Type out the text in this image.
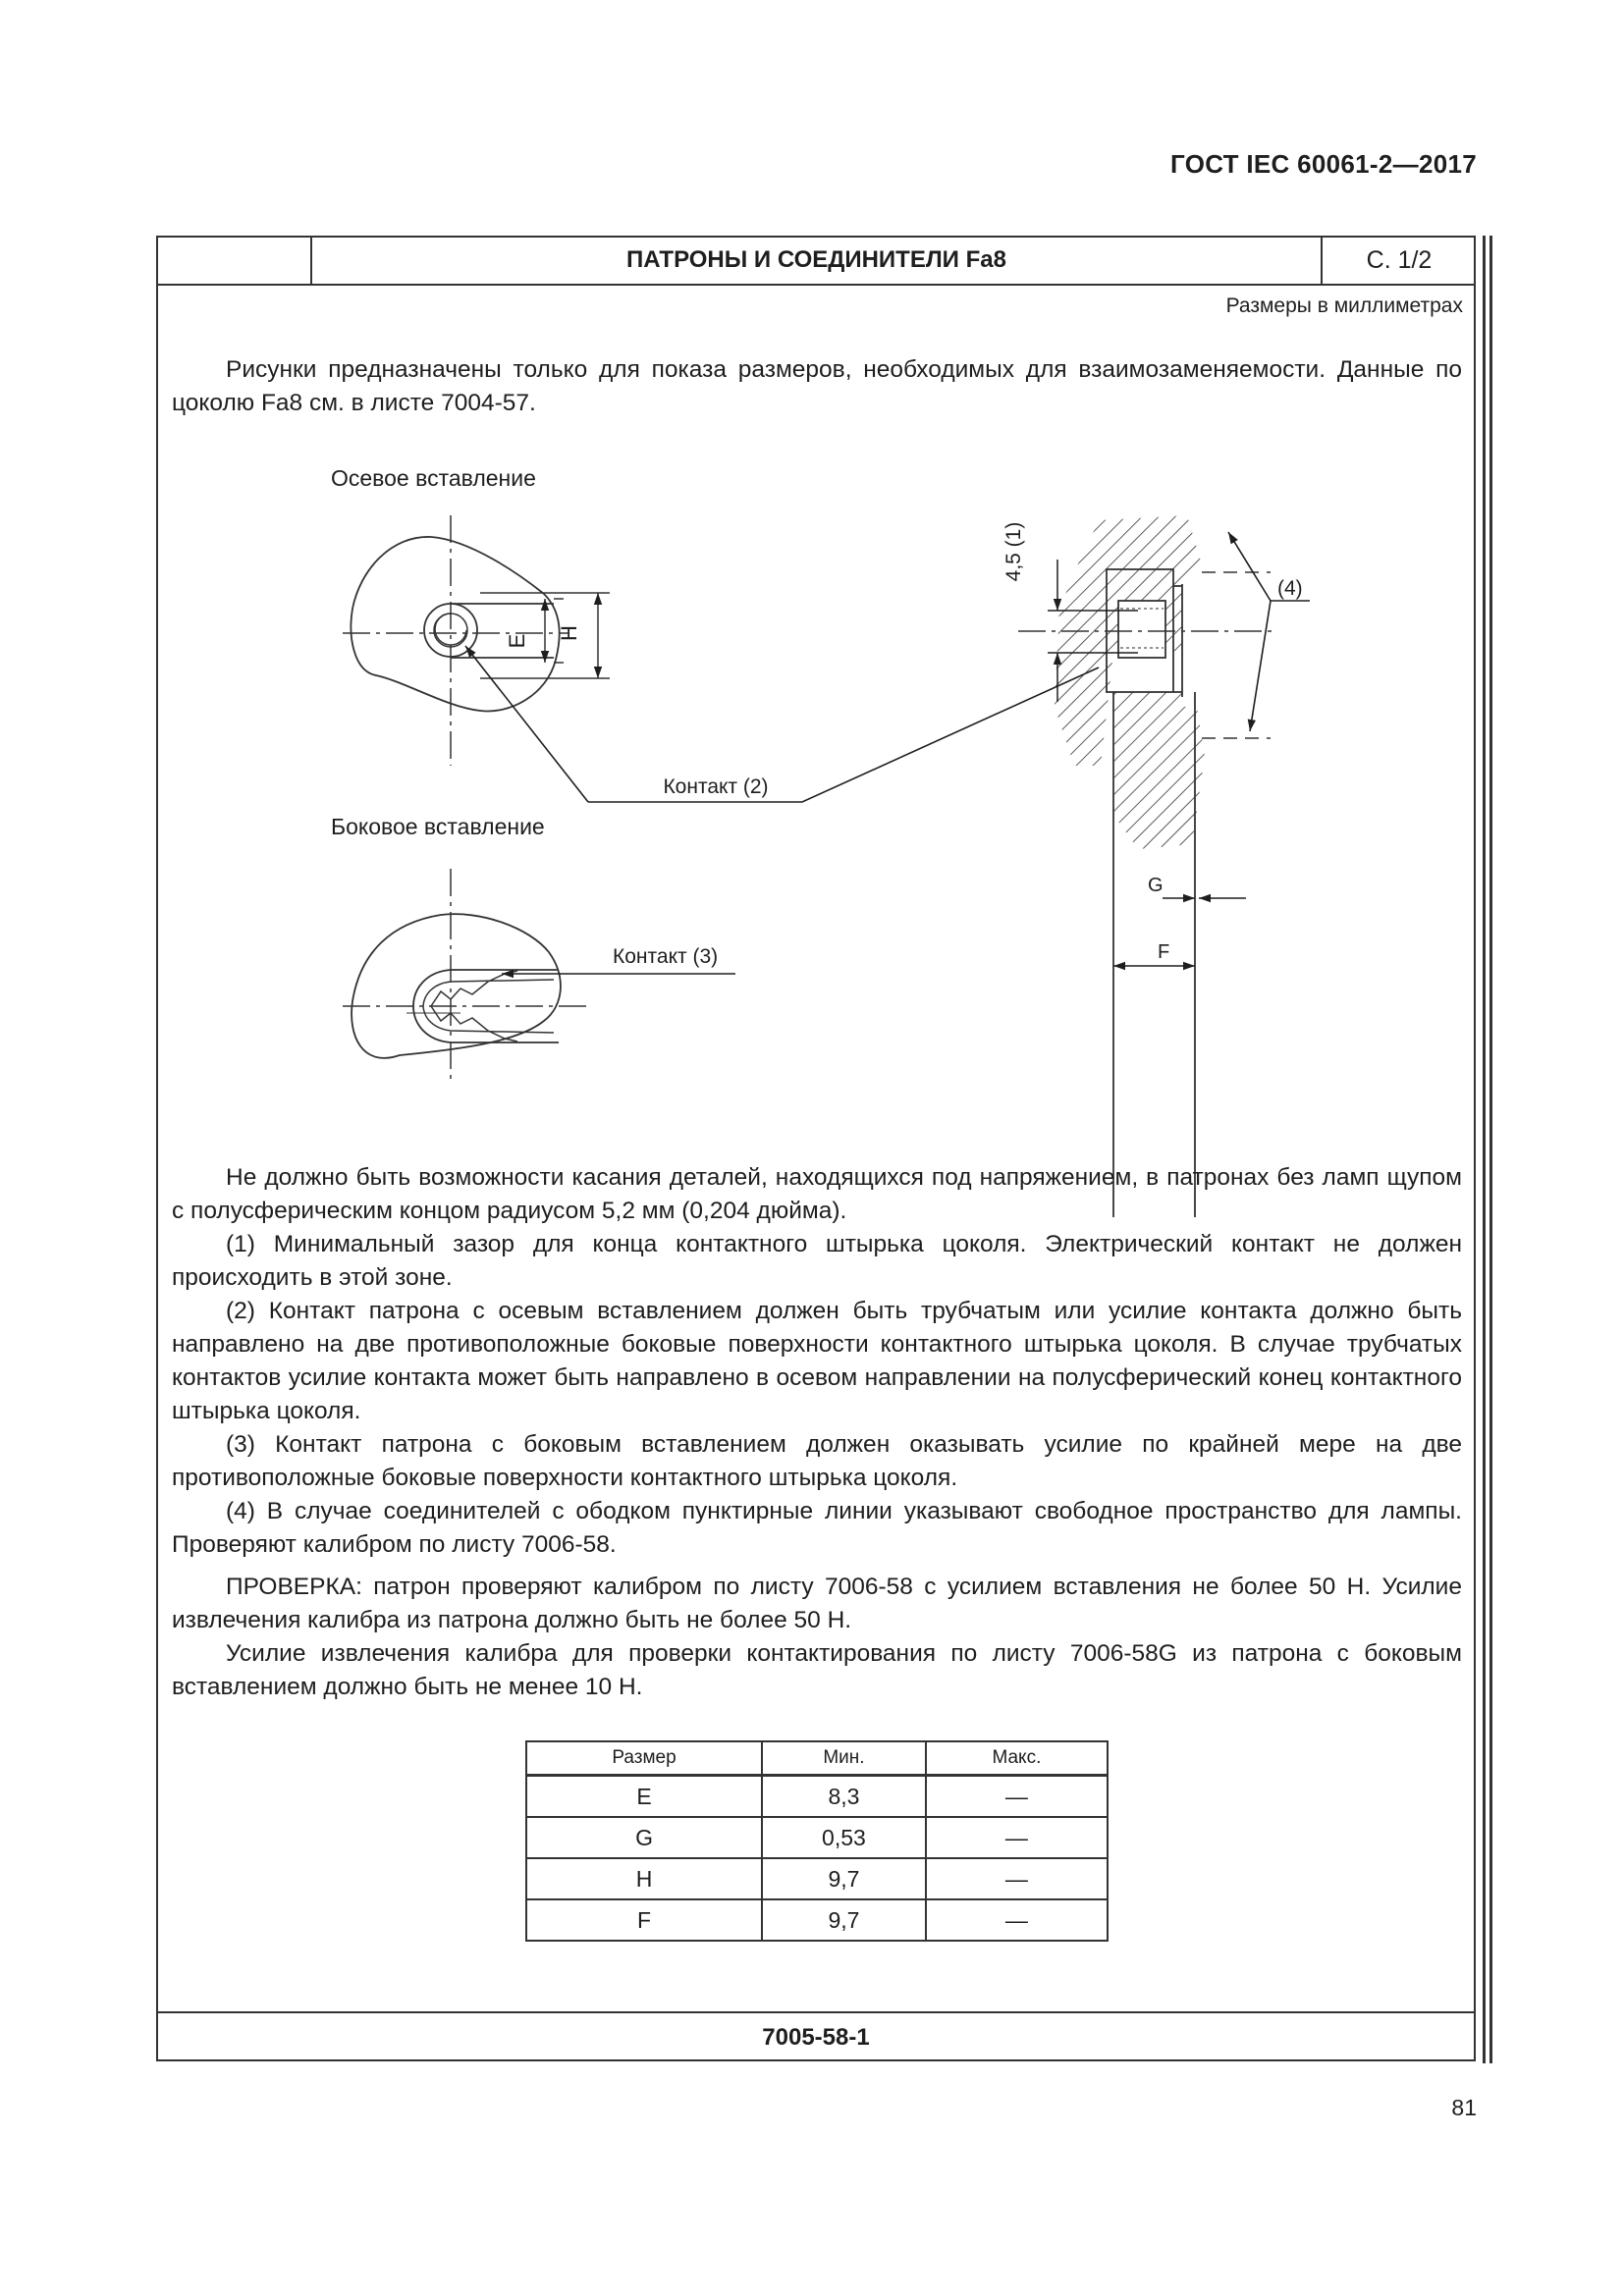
ГОСТ IEC 60061-2—2017
ПАТРОНЫ И СОЕДИНИТЕЛИ Fa8	С. 1/2
Размеры в миллиметрах
Рисунки предназначены только для показа размеров, необходимых для взаимозаменяемости. Данные по цоколю Fa8 см. в листе 7004-57.
Осевое вставление
Боковое вставление
E
H
Контакт (2)
Контакт (3)
4,5 (1)
(4)
G
F

Не должно быть возможности касания деталей, находящихся под напряжением, в патронах без ламп щупом с полусферическим концом радиусом 5,2 мм (0,204 дюйма).

(1) Минимальный зазор для конца контактного штырька цоколя. Электрический контакт не должен происходить в этой зоне.

(2) Контакт патрона с осевым вставлением должен быть трубчатым или усилие контакта должно быть направлено на две противоположные боковые поверхности контактного штырька цоколя. В случае трубчатых контактов усилие контакта может быть направлено в осевом направлении на полусферический конец контактного штырька цоколя.

(3) Контакт патрона с боковым вставлением должен оказывать усилие по крайней мере на две противоположные боковые поверхности контактного штырька цоколя.

(4) В случае соединителей с ободком пунктирные линии указывают свободное пространство для лампы. Проверяют калибром по листу 7006-58.

ПРОВЕРКА: патрон проверяют калибром по листу 7006-58 с усилием вставления не более 50 Н. Усилие извлечения калибра из патрона должно быть не более 50 Н.

Усилие извлечения калибра для проверки контактирования по листу 7006-58G из патрона с боковым вставлением должно быть не менее 10 Н.

Размер	Мин.	Макс.
E	8,3	—
G	0,53	—
H	9,7	—
F	9,7	—
7005-58-1
81
